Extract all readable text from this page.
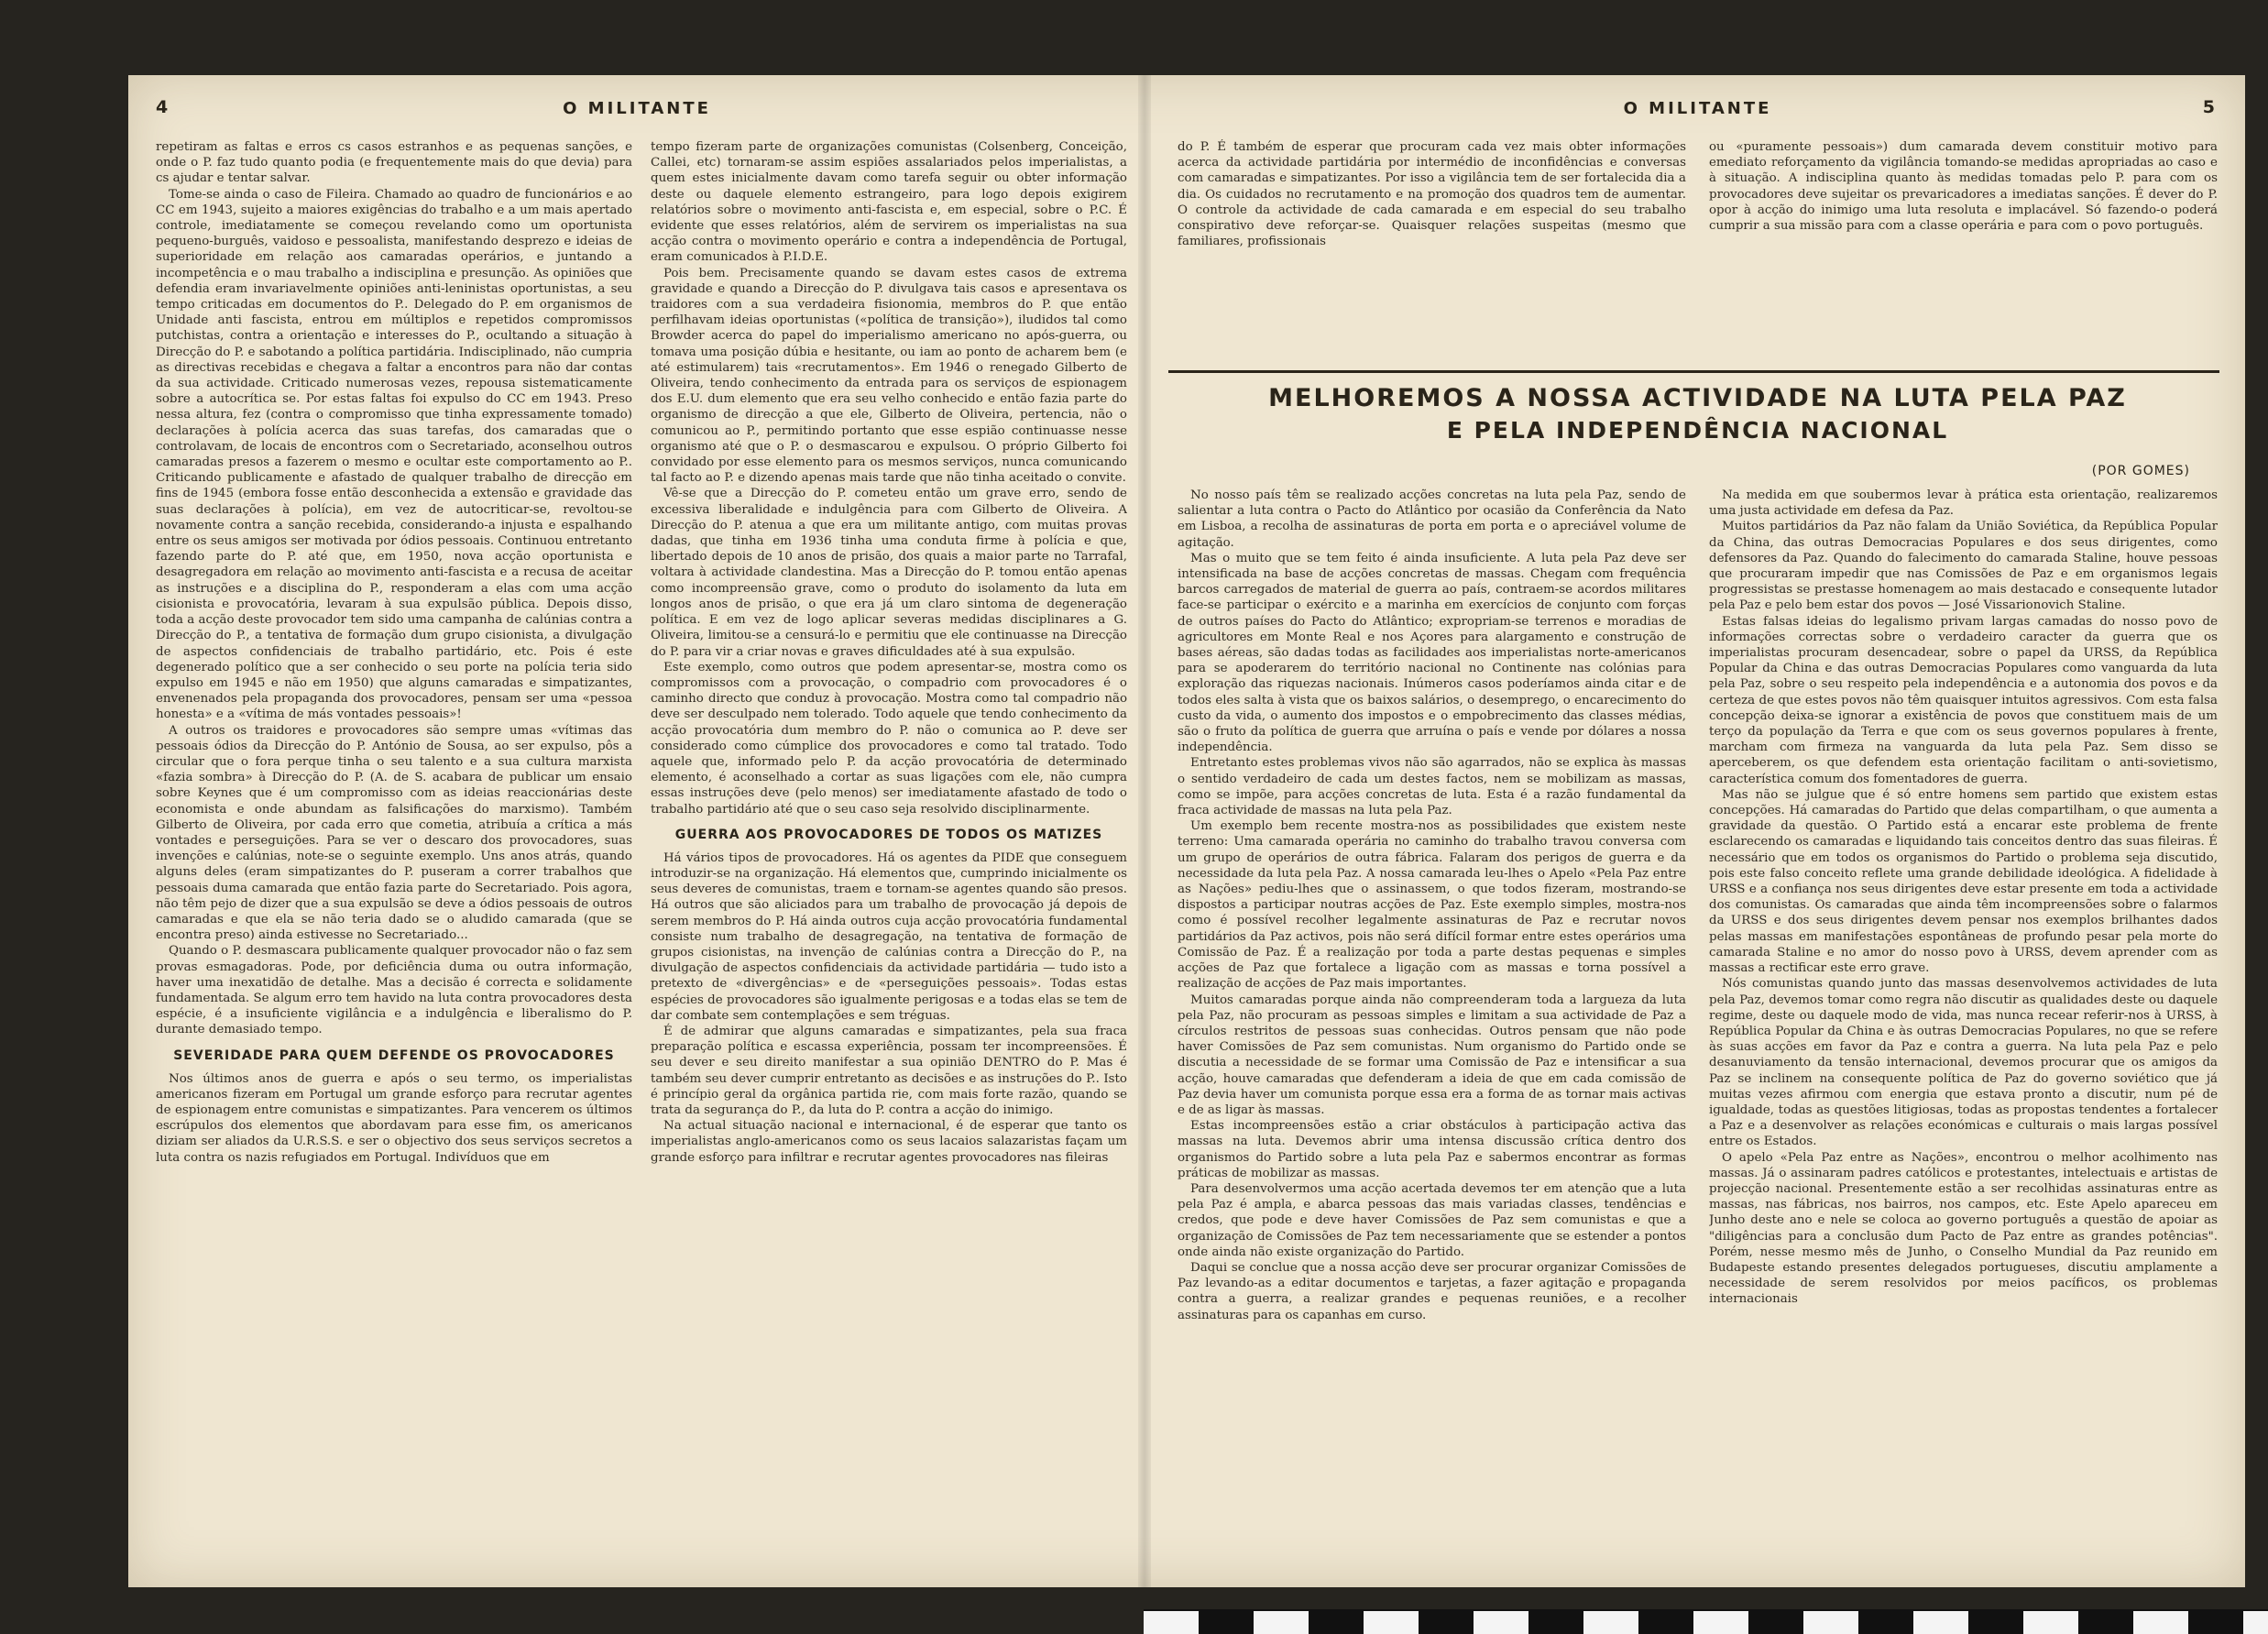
4	O MILITANTE

repetiram as faltas e erros cs casos estranhos e as pequenas sanções, e onde o P. faz tudo quanto podia (e frequentemente mais do que devia) para cs ajudar e tentar salvar.

Tome-se ainda o caso de Fileira. Chamado ao quadro de funcionários e ao CC em 1943, sujeito a maiores exigências do trabalho e a um mais apertado controle, imediatamente se começou revelando como um oportunista pequeno-burguês, vaidoso e pessoalista, manifestando desprezo e ideias de superioridade em relação aos camaradas operários, e juntando a incompetência e o mau trabalho a indisciplina e presunção. As opiniões que defendia eram invariavelmente opiniões anti-leninistas oportunistas, a seu tempo criticadas em documentos do P.. Delegado do P. em organismos de Unidade anti fascista, entrou em múltiplos e repetidos compromissos putchistas, contra a orientação e interesses do P., ocultando a situação à Direcção do P. e sabotando a política partidária. Indisciplinado, não cumpria as directivas recebidas e chegava a faltar a encontros para não dar contas da sua actividade. Criticado numerosas vezes, repousa sistematicamente sobre a autocrítica se. Por estas faltas foi expulso do CC em 1943. Preso nessa altura, fez (contra o compromisso que tinha expressamente tomado) declarações à polícia acerca das suas tarefas, dos camaradas que o controlavam, de locais de encontros com o Secretariado, aconselhou outros camaradas presos a fazerem o mesmo e ocultar este comportamento ao P.. Criticando publicamente e afastado de qualquer trabalho de direcção em fins de 1945 (embora fosse então desconhecida a extensão e gravidade das suas declarações à polícia), em vez de autocriticar-se, revoltou-se novamente contra a sanção recebida, considerando-a injusta e espalhando entre os seus amigos ser motivada por ódios pessoais. Continuou entretanto fazendo parte do P. até que, em 1950, nova acção oportunista e desagregadora em relação ao movimento anti-fascista e a recusa de aceitar as instruções e a disciplina do P., responderam a elas com uma acção cisionista e provocatória, levaram à sua expulsão pública. Depois disso, toda a acção deste provocador tem sido uma campanha de calúnias contra a Direcção do P., a tentativa de formação dum grupo cisionista, a divulgação de aspectos confidenciais de trabalho partidário, etc. Pois é este degenerado político que a ser conhecido o seu porte na polícia teria sido expulso em 1945 e não em 1950) que alguns camaradas e simpatizantes, envenenados pela propaganda dos provocadores, pensam ser uma «pessoa honesta» e a «vítima de más vontades pessoais»!

A outros os traidores e provocadores são sempre umas «vítimas das pessoais ódios da Direcção do P. António de Sousa, ao ser expulso, pôs a circular que o fora perque tinha o seu talento e a sua cultura marxista «fazia sombra» à Direcção do P. (A. de S. acabara de publicar um ensaio sobre Keynes que é um compromisso com as ideias reaccionárias deste economista e onde abundam as falsificações do marxismo). Também Gilberto de Oliveira, por cada erro que cometia, atribuía a crítica a más vontades e perseguições. Para se ver o descaro dos provocadores, suas invenções e calúnias, note-se o seguinte exemplo. Uns anos atrás, quando alguns deles (eram simpatizantes do P. puseram a correr trabalhos que pessoais duma camarada que então fazia parte do Secretariado. Pois agora, não têm pejo de dizer que a sua expulsão se deve a ódios pessoais de outros camaradas e que ela se não teria dado se o aludido camarada (que se encontra preso) ainda estivesse no Secretariado...

Quando o P. desmascara publicamente qualquer provocador não o faz sem provas esmagadoras. Pode, por deficiência duma ou outra informação, haver uma inexatidão de detalhe. Mas a decisão é correcta e solidamente fundamentada. Se algum erro tem havido na luta contra provocadores desta espécie, é a insuficiente vigilância e a indulgência e liberalismo do P. durante demasiado tempo.

SEVERIDADE PARA QUEM DEFENDE OS PROVOCADORES

Nos últimos anos de guerra e após o seu termo, os imperialistas americanos fizeram em Portugal um grande esforço para recrutar agentes de espionagem entre comunistas e simpatizantes. Para vencerem os últimos escrúpulos dos elementos que abordavam para esse fim, os americanos diziam ser aliados da U.R.S.S. e ser o objectivo dos seus serviços secretos a luta contra os nazis refugiados em Portugal. Indivíduos que em

tempo fizeram parte de organizações comunistas (Colsenberg, Conceição, Callei, etc) tornaram-se assim espiões assalariados pelos imperialistas, a quem estes inicialmente davam como tarefa seguir ou obter informação deste ou daquele elemento estrangeiro, para logo depois exigirem relatórios sobre o movimento anti-fascista e, em especial, sobre o P.C. É evidente que esses relatórios, além de servirem os imperialistas na sua acção contra o movimento operário e contra a independência de Portugal, eram comunicados à P.I.D.E.

Pois bem. Precisamente quando se davam estes casos de extrema gravidade e quando a Direcção do P. divulgava tais casos e apresentava os traidores com a sua verdadeira fisionomia, membros do P. que então perfilhavam ideias oportunistas («política de transição»), iludidos tal como Browder acerca do papel do imperialismo americano no após-guerra, ou tomava uma posição dúbia e hesitante, ou iam ao ponto de acharem bem (e até estimularem) tais «recrutamentos». Em 1946 o renegado Gilberto de Oliveira, tendo conhecimento da entrada para os serviços de espionagem dos E.U. dum elemento que era seu velho conhecido e então fazia parte do organismo de direcção a que ele, Gilberto de Oliveira, pertencia, não o comunicou ao P., permitindo portanto que esse espião continuasse nesse organismo até que o P. o desmascarou e expulsou. O próprio Gilberto foi convidado por esse elemento para os mesmos serviços, nunca comunicando tal facto ao P. e dizendo apenas mais tarde que não tinha aceitado o convite.

Vê-se que a Direcção do P. cometeu então um grave erro, sendo de excessiva liberalidade e indulgência para com Gilberto de Oliveira. A Direcção do P. atenua a que era um militante antigo, com muitas provas dadas, que tinha em 1936 tinha uma conduta firme à polícia e que, libertado depois de 10 anos de prisão, dos quais a maior parte no Tarrafal, voltara à actividade clandestina. Mas a Direcção do P. tomou então apenas como incompreensão grave, como o produto do isolamento da luta em longos anos de prisão, o que era já um claro sintoma de degeneração política. E em vez de logo aplicar severas medidas disciplinares a G. Oliveira, limitou-se a censurá-lo e permitiu que ele continuasse na Direcção do P. para vir a criar novas e graves dificuldades até à sua expulsão.

Este exemplo, como outros que podem apresentar-se, mostra como os compromissos com a provocação, o compadrio com provocadores é o caminho directo que conduz à provocação. Mostra como tal compadrio não deve ser desculpado nem tolerado. Todo aquele que tendo conhecimento da acção provocatória dum membro do P. não o comunica ao P. deve ser considerado como cúmplice dos provocadores e como tal tratado. Todo aquele que, informado pelo P. da acção provocatória de determinado elemento, é aconselhado a cortar as suas ligações com ele, não cumpra essas instruções deve (pelo menos) ser imediatamente afastado de todo o trabalho partidário até que o seu caso seja resolvido disciplinarmente.

GUERRA AOS PROVOCADORES DE TODOS OS MATIZES

Há vários tipos de provocadores. Há os agentes da PIDE que conseguem introduzir-se na organização. Há elementos que, cumprindo inicialmente os seus deveres de comunistas, traem e tornam-se agentes quando são presos. Há outros que são aliciados para um trabalho de provocação já depois de serem membros do P. Há ainda outros cuja acção provocatória fundamental consiste num trabalho de desagregação, na tentativa de formação de grupos cisionistas, na invenção de calúnias contra a Direcção do P., na divulgação de aspectos confidenciais da actividade partidária — tudo isto a pretexto de «divergências» e de «perseguições pessoais». Todas estas espécies de provocadores são igualmente perigosas e a todas elas se tem de dar combate sem contemplações e sem tréguas.

É de admirar que alguns camaradas e simpatizantes, pela sua fraca preparação política e escassa experiência, possam ter incompreensões. É seu dever e seu direito manifestar a sua opinião DENTRO do P. Mas é também seu dever cumprir entretanto as decisões e as instruções do P.. Isto é princípio geral da orgânica partida rie, com mais forte razão, quando se trata da segurança do P., da luta do P. contra a acção do inimigo.

Na actual situação nacional e internacional, é de esperar que tanto os imperialistas anglo-americanos como os seus lacaios salazaristas façam um grande esforço para infiltrar e recrutar agentes provocadores nas fileiras

O MILITANTE	5

do P. É também de esperar que procuram cada vez mais obter informações acerca da actividade partidária por intermédio de inconfidências e conversas com camaradas e simpatizantes. Por isso a vigilância tem de ser fortalecida dia a dia. Os cuidados no recrutamento e na promoção dos quadros tem de aumentar. O controle da actividade de cada camarada e em especial do seu trabalho conspirativo deve reforçar-se. Quaisquer relações suspeitas (mesmo que familiares, profissionais

ou «puramente pessoais») dum camarada devem constituir motivo para emediato reforçamento da vigilância tomando-se medidas apropriadas ao caso e à situação. A indisciplina quanto às medidas tomadas pelo P. para com os provocadores deve sujeitar os prevaricadores a imediatas sanções. É dever do P. opor à acção do inimigo uma luta resoluta e implacável. Só fazendo-o poderá cumprir a sua missão para com a classe operária e para com o povo português.

MELHOREMOS A NOSSA ACTIVIDADE NA LUTA PELA PAZ
E PELA INDEPENDÊNCIA NACIONAL
(POR GOMES)

No nosso país têm se realizado acções concretas na luta pela Paz, sendo de salientar a luta contra o Pacto do Atlântico por ocasião da Conferência da Nato em Lisboa, a recolha de assinaturas de porta em porta e o apreciável volume de agitação.

Mas o muito que se tem feito é ainda insuficiente. A luta pela Paz deve ser intensificada na base de acções concretas de massas. Chegam com frequência barcos carregados de material de guerra ao país, contraem-se acordos militares face-se participar o exército e a marinha em exercícios de conjunto com forças de outros países do Pacto do Atlântico; expropriam-se terrenos e moradias de agricultores em Monte Real e nos Açores para alargamento e construção de bases aéreas, são dadas todas as facilidades aos imperialistas norte-americanos para se apoderarem do território nacional no Continente nas colónias para exploração das riquezas nacionais. Inúmeros casos poderíamos ainda citar e de todos eles salta à vista que os baixos salários, o desemprego, o encarecimento do custo da vida, o aumento dos impostos e o empobrecimento das classes médias, são o fruto da política de guerra que arruína o país e vende por dólares a nossa independência.

Entretanto estes problemas vivos não são agarrados, não se explica às massas o sentido verdadeiro de cada um destes factos, nem se mobilizam as massas, como se impõe, para acções concretas de luta. Esta é a razão fundamental da fraca actividade de massas na luta pela Paz.

Um exemplo bem recente mostra-nos as possibilidades que existem neste terreno: Uma camarada operária no caminho do trabalho travou conversa com um grupo de operários de outra fábrica. Falaram dos perigos de guerra e da necessidade da luta pela Paz. A nossa camarada leu-lhes o Apelo «Pela Paz entre as Nações» pediu-lhes que o assinassem, o que todos fizeram, mostrando-se dispostos a participar noutras acções de Paz. Este exemplo simples, mostra-nos como é possível recolher legalmente assinaturas de Paz e recrutar novos partidários da Paz activos, pois não será difícil formar entre estes operários uma Comissão de Paz. É a realização por toda a parte destas pequenas e simples acções de Paz que fortalece a ligação com as massas e torna possível a realização de acções de Paz mais importantes.

Muitos camaradas porque ainda não compreenderam toda a largueza da luta pela Paz, não procuram as pessoas simples e limitam a sua actividade de Paz a círculos restritos de pessoas suas conhecidas. Outros pensam que não pode haver Comissões de Paz sem comunistas. Num organismo do Partido onde se discutia a necessidade de se formar uma Comissão de Paz e intensificar a sua acção, houve camaradas que defenderam a ideia de que em cada comissão de Paz devia haver um comunista porque essa era a forma de as tornar mais activas e de as ligar às massas.

Estas incompreensões estão a criar obstáculos à participação activa das massas na luta. Devemos abrir uma intensa discussão crítica dentro dos organismos do Partido sobre a luta pela Paz e sabermos encontrar as formas práticas de mobilizar as massas.

Para desenvolvermos uma acção acertada devemos ter em atenção que a luta pela Paz é ampla, e abarca pessoas das mais variadas classes, tendências e credos, que pode e deve haver Comissões de Paz sem comunistas e que a organização de Comissões de Paz tem necessariamente que se estender a pontos onde ainda não existe organização do Partido.

Daqui se conclue que a nossa acção deve ser procurar organizar Comissões de Paz levando-as a editar documentos e tarjetas, a fazer agitação e propaganda contra a guerra, a realizar grandes e pequenas reuniões, e a recolher assinaturas para os capanhas em curso.

Na medida em que soubermos levar à prática esta orientação, realizaremos uma justa actividade em defesa da Paz.

Muitos partidários da Paz não falam da União Soviética, da República Popular da China, das outras Democracias Populares e dos seus dirigentes, como defensores da Paz. Quando do falecimento do camarada Staline, houve pessoas que procuraram impedir que nas Comissões de Paz e em organismos legais progressistas se prestasse homenagem ao mais destacado e consequente lutador pela Paz e pelo bem estar dos povos — José Vissarionovich Staline.

Estas falsas ideias do legalismo privam largas camadas do nosso povo de informações correctas sobre o verdadeiro caracter da guerra que os imperialistas procuram desencadear, sobre o papel da URSS, da República Popular da China e das outras Democracias Populares como vanguarda da luta pela Paz, sobre o seu respeito pela independência e a autonomia dos povos e da certeza de que estes povos não têm quaisquer intuitos agressivos. Com esta falsa concepção deixa-se ignorar a existência de povos que constituem mais de um terço da população da Terra e que com os seus governos populares à frente, marcham com firmeza na vanguarda da luta pela Paz. Sem disso se aperceberem, os que defendem esta orientação facilitam o anti-sovietismo, característica comum dos fomentadores de guerra.

Mas não se julgue que é só entre homens sem partido que existem estas concepções. Há camaradas do Partido que delas compartilham, o que aumenta a gravidade da questão. O Partido está a encarar este problema de frente esclarecendo os camaradas e liquidando tais conceitos dentro das suas fileiras. É necessário que em todos os organismos do Partido o problema seja discutido, pois este falso conceito reflete uma grande debilidade ideológica. A fidelidade à URSS e a confiança nos seus dirigentes deve estar presente em toda a actividade dos comunistas. Os camaradas que ainda têm incompreensões sobre o falarmos da URSS e dos seus dirigentes devem pensar nos exemplos brilhantes dados pelas massas em manifestações espontâneas de profundo pesar pela morte do camarada Staline e no amor do nosso povo à URSS, devem aprender com as massas a rectificar este erro grave.

Nós comunistas quando junto das massas desenvolvemos actividades de luta pela Paz, devemos tomar como regra não discutir as qualidades deste ou daquele regime, deste ou daquele modo de vida, mas nunca recear referir-nos à URSS, à República Popular da China e às outras Democracias Populares, no que se refere às suas acções em favor da Paz e contra a guerra. Na luta pela Paz e pelo desanuviamento da tensão internacional, devemos procurar que os amigos da Paz se inclinem na consequente política de Paz do governo soviético que já muitas vezes afirmou com energia que estava pronto a discutir, num pé de igualdade, todas as questões litigiosas, todas as propostas tendentes a fortalecer a Paz e a desenvolver as relações económicas e culturais o mais largas possível entre os Estados.

O apelo «Pela Paz entre as Nações», encontrou o melhor acolhimento nas massas. Já o assinaram padres católicos e protestantes, intelectuais e artistas de projecção nacional. Presentemente estão a ser recolhidas assinaturas entre as massas, nas fábricas, nos bairros, nos campos, etc. Este Apelo apareceu em Junho deste ano e nele se coloca ao governo português a questão de apoiar as "diligências para a conclusão dum Pacto de Paz entre as grandes potências". Porém, nesse mesmo mês de Junho, o Conselho Mundial da Paz reunido em Budapeste estando presentes delegados portugueses, discutiu amplamente a necessidade de serem resolvidos por meios pacíficos, os problemas internacionais
